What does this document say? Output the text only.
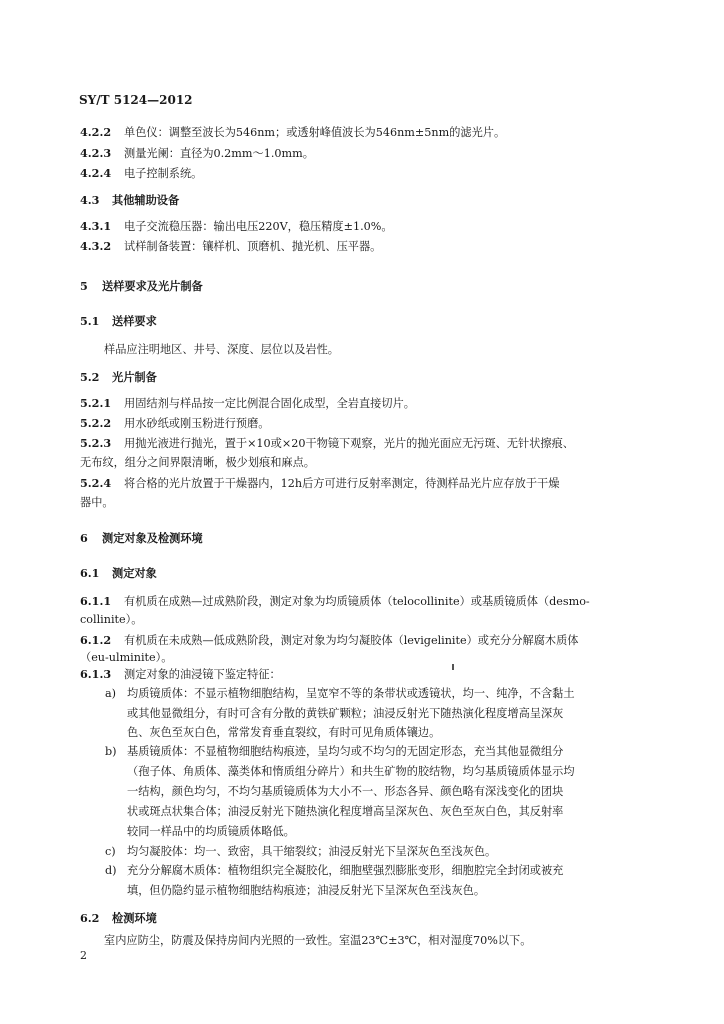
SY/T 5124—2012
4.2.2 单色仪：调整至波长为546nm；或透射峰值波长为546nm±5nm的滤光片。
4.2.3 测量光阑：直径为0.2mm～1.0mm。
4.2.4 电子控制系统。
4.3 其他辅助设备
4.3.1 电子交流稳压器：输出电压220V，稳压精度±1.0%。
4.3.2 试样制备装置：镶样机、顶磨机、抛光机、压平器。
5 送样要求及光片制备
5.1 送样要求
样品应注明地区、井号、深度、层位以及岩性。
5.2 光片制备
5.2.1 用固结剂与样品按一定比例混合固化成型，全岩直接切片。
5.2.2 用水砂纸或刚玉粉进行预磨。
5.2.3 用抛光液进行抛光，置于×10或×20干物镜下观察，光片的抛光面应无污斑、无针状擦痕、
无布纹，组分之间界限清晰，极少划痕和麻点。
5.2.4 将合格的光片放置于干燥器内，12h后方可进行反射率测定，待测样品光片应存放于干燥
器中。
6 测定对象及检测环境
6.1 测定对象
6.1.1 有机质在成熟—过成熟阶段，测定对象为均质镜质体（telocollinite）或基质镜质体（desmo-
collinite）。
6.1.2 有机质在未成熟—低成熟阶段，测定对象为均匀凝胶体（levigelinite）或充分分解腐木质体
（eu-ulminite）。
6.1.3 测定对象的油浸镜下鉴定特征：
a) 均质镜质体：不显示植物细胞结构，呈宽窄不等的条带状或透镜状，均一、纯净，不含黏土
或其他显微组分，有时可含有分散的黄铁矿颗粒；油浸反射光下随热演化程度增高呈深灰
色、灰色至灰白色，常常发育垂直裂纹，有时可见角质体镶边。
b) 基质镜质体：不显植物细胞结构痕迹，呈均匀或不均匀的无固定形态，充当其他显微组分
（孢子体、角质体、藻类体和惰质组分碎片）和共生矿物的胶结物，均匀基质镜质体显示均
一结构，颜色均匀，不均匀基质镜质体为大小不一、形态各异、颜色略有深浅变化的团块
状或斑点状集合体；油浸反射光下随热演化程度增高呈深灰色、灰色至灰白色，其反射率
较同一样品中的均质镜质体略低。
c) 均匀凝胶体：均一、致密，具干缩裂纹；油浸反射光下呈深灰色至浅灰色。
d) 充分分解腐木质体：植物组织完全凝胶化，细胞壁强烈膨胀变形，细胞腔完全封闭或被充
填，但仍隐约显示植物细胞结构痕迹；油浸反射光下呈深灰色至浅灰色。
6.2 检测环境
室内应防尘，防震及保持房间内光照的一致性。室温23℃±3℃，相对湿度70%以下。
2
